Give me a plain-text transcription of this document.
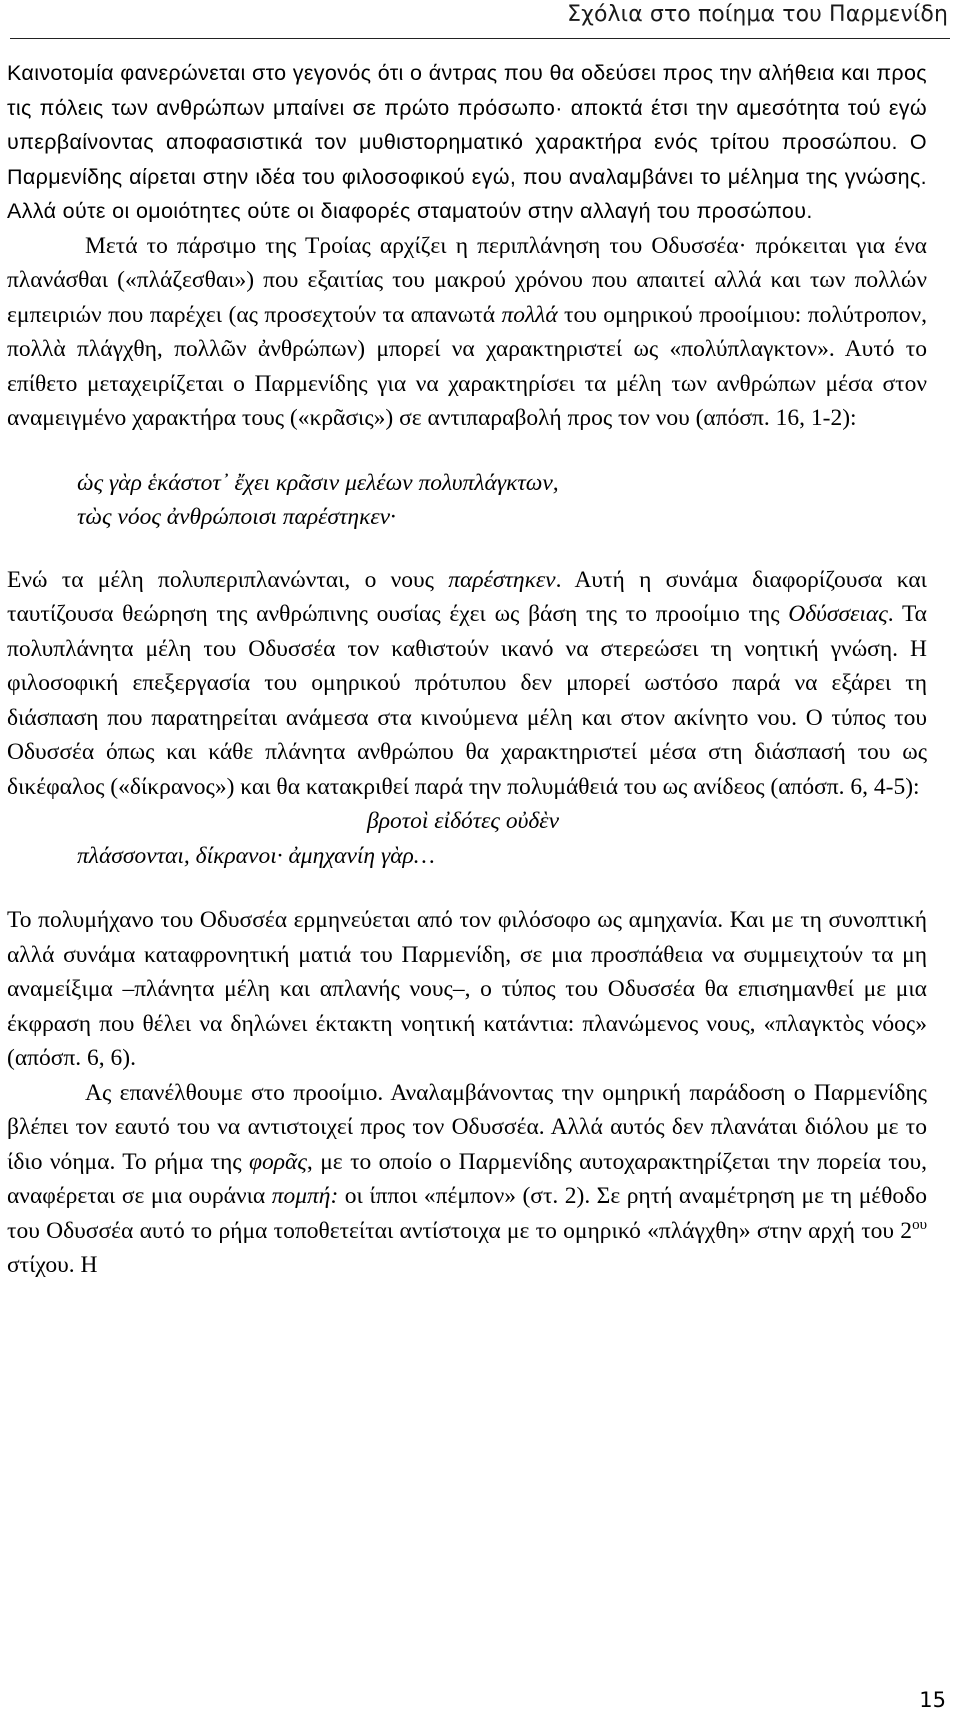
Σχόλια στο ποίημα του Παρμενίδη

Καινοτομία φανερώνεται στο γεγονός ότι ο άντρας που θα οδεύσει προς την αλήθεια και προς τις πόλεις των ανθρώπων μπαίνει σε πρώτο πρόσωπο· αποκτά έτσι την αμεσότητα τού εγώ υπερβαίνοντας αποφασιστικά τον μυθιστορηματικό χαρακτήρα ενός τρίτου προσώπου. Ο Παρμενίδης αίρεται στην ιδέα του φιλοσοφικού εγώ, που αναλαμβάνει το μέλημα της γνώσης. Αλλά ούτε οι ομοιότητες ούτε οι διαφορές σταματούν στην αλλαγή του προσώπου.

Μετά το πάρσιμο της Τροίας αρχίζει η περιπλάνηση του Οδυσσέα· πρόκειται για ένα πλανάσθαι («πλάζεσθαι») που εξαιτίας του μακρού χρόνου που απαιτεί αλλά και των πολλών εμπειριών που παρέχει (ας προσεχτούν τα απανωτά πολλά του ομηρικού προοίμιου: πολύτροπον, πολλὰ πλάγχθη, πολλῶν ἀνθρώπων) μπορεί να χαρακτηριστεί ως «πολύπλαγκτον». Αυτό το επίθετο μεταχειρίζεται ο Παρμενίδης για να χαρακτηρίσει τα μέλη των ανθρώπων μέσα στον αναμειγμένο χαρακτήρα τους («κρᾶσις») σε αντιπαραβολή προς τον νου (απόσπ. 16, 1-2):

ὡς γὰρ ἑκάστοτ᾽ ἔχει κρᾶσιν μελέων πολυπλάγκτων,
τὼς νόος ἀνθρώποισι παρέστηκεν·

Ενώ τα μέλη πολυπεριπλανώνται, ο νους παρέστηκεν. Αυτή η συνάμα διαφορίζουσα και ταυτίζουσα θεώρηση της ανθρώπινης ουσίας έχει ως βάση της το προοίμιο της Οδύσσειας. Τα πολυπλάνητα μέλη του Οδυσσέα τον καθιστούν ικανό να στερεώσει τη νοητική γνώση. Η φιλοσοφική επεξεργασία του ομηρικού πρότυπου δεν μπορεί ωστόσο παρά να εξάρει τη διάσπαση που παρατηρείται ανάμεσα στα κινούμενα μέλη και στον ακίνητο νου. Ο τύπος του Οδυσσέα όπως και κάθε πλάνητα ανθρώπου θα χαρακτηριστεί μέσα στη διάσπασή του ως δικέφαλος («δίκρανος») και θα κατακριθεί παρά την πολυμάθειά του ως ανίδεος (απόσπ. 6, 4-5):

βροτοὶ εἰδότες οὐδὲν
πλάσσονται, δίκρανοι· ἀμηχανίη γὰρ…

Το πολυμήχανο του Οδυσσέα ερμηνεύεται από τον φιλόσοφο ως αμηχανία. Και με τη συνοπτική αλλά συνάμα καταφρονητική ματιά του Παρμενίδη, σε μια προσπάθεια να συμμειχτούν τα μη αναμείξιμα –πλάνητα μέλη και απλανής νους–, ο τύπος του Οδυσσέα θα επισημανθεί με μια έκφραση που θέλει να δηλώνει έκτακτη νοητική κατάντια: πλανώμενος νους, «πλαγκτὸς νόος» (απόσπ. 6, 6).

Ας επανέλθουμε στο προοίμιο. Αναλαμβάνοντας την ομηρική παράδοση ο Παρμενίδης βλέπει τον εαυτό του να αντιστοιχεί προς τον Οδυσσέα. Αλλά αυτός δεν πλανάται διόλου με το ίδιο νόημα. Το ρήμα της φορᾶς, με το οποίο ο Παρμενίδης αυτοχαρακτηρίζεται την πορεία του, αναφέρεται σε μια ουράνια πομπή: οι ίπποι «πέμπον» (στ. 2). Σε ρητή αναμέτρηση με τη μέθοδο του Οδυσσέα αυτό το ρήμα τοποθετείται αντίστοιχα με το ομηρικό «πλάγχθη» στην αρχή του $2^{o\upsilon}$ στίχου. Η

15
